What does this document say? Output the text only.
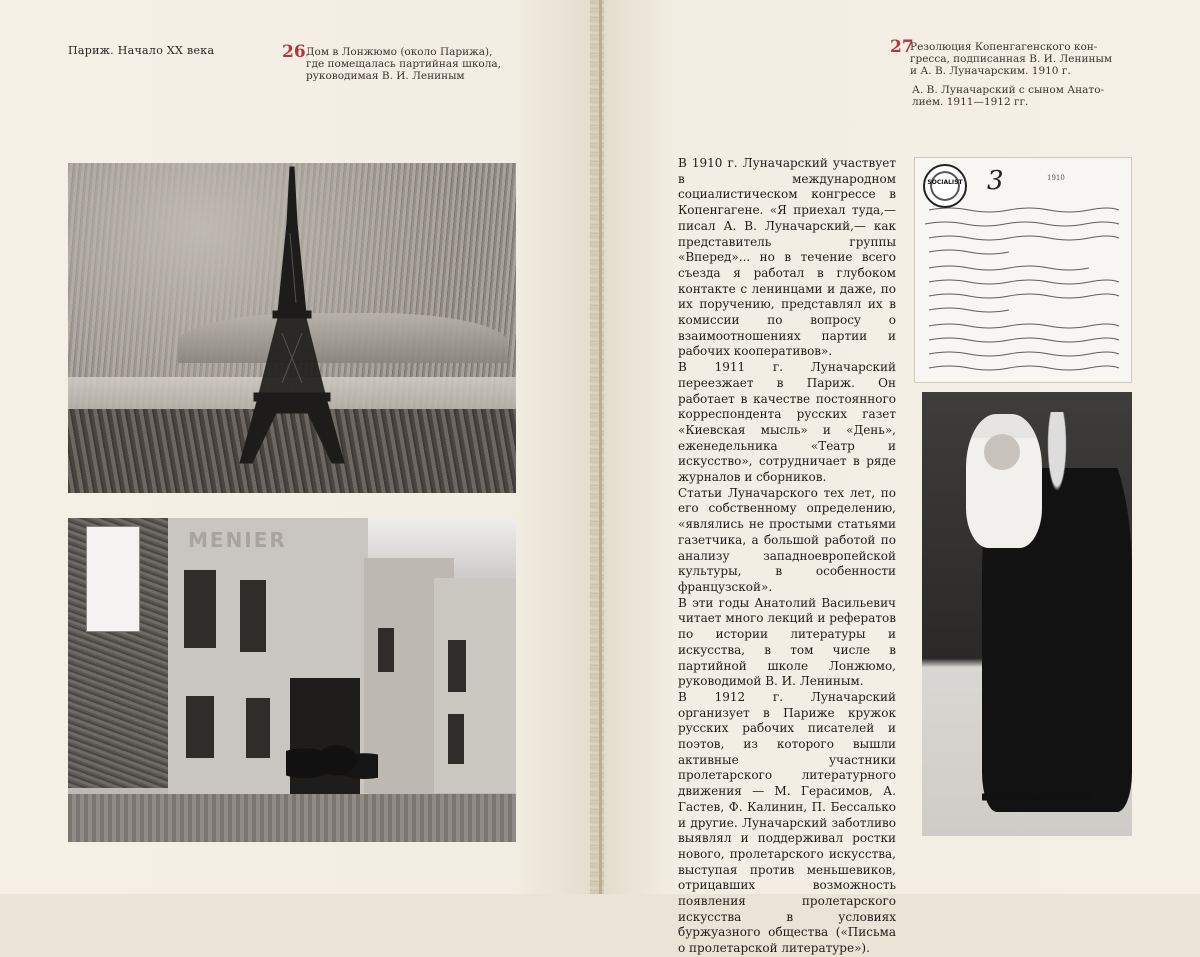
Париж. Начало XX века	26 Дом в Лонжюмо (около Парижа),
где помещалась партийная школа,
руководимая В. И. Лениным
MENIER
27
Резолюция Копенгагенского кон-
гресса, подписанная В. И. Лениным
и А. В. Луначарским. 1910 г.
А. В. Луначарский с сыном Анато-
лием. 1911—1912 гг.

В 1910 г. Луначарский участвует в международном социалистическом конгрессе в Копенгагене. «Я приехал туда,— писал А. В. Луначарский,— как представитель группы «Вперед»... но в течение всего съезда я работал в глубоком контакте с ленинцами и даже, по их поручению, представлял их в комиссии по вопросу о взаимоотношениях партии и рабочих кооперативов».

В 1911 г. Луначарский переезжает в Париж. Он работает в качестве постоянного корреспондента русских газет «Киевская мысль» и «День», еженедельника «Театр и искусство», сотрудничает в ряде журналов и сборников.

Статьи Луначарского тех лет, по его собственному определению, «являлись не простыми статьями газетчика, а большой работой по анализу западноевропейской культуры, в особенности французской».

В эти годы Анатолий Васильевич читает много лекций и рефератов по истории литературы и искусства, в том числе в партийной школе Лонжюмо, руководимой В. И. Лениным.

В 1912 г. Луначарский организует в Париже кружок русских рабочих писателей и поэтов, из которого вышли активные участники пролетарского литературного движения — М. Герасимов, А. Гастев, Ф. Калинин, П. Бессалько и другие. Луначарский заботливо выявлял и поддерживал ростки нового, пролетарского искусства, выступая против меньшевиков, отрицавших возможность появления пролетарского искусства в условиях буржуазного общества («Письма о пролетарской литературе»).

SOCIALIST 3	1910
